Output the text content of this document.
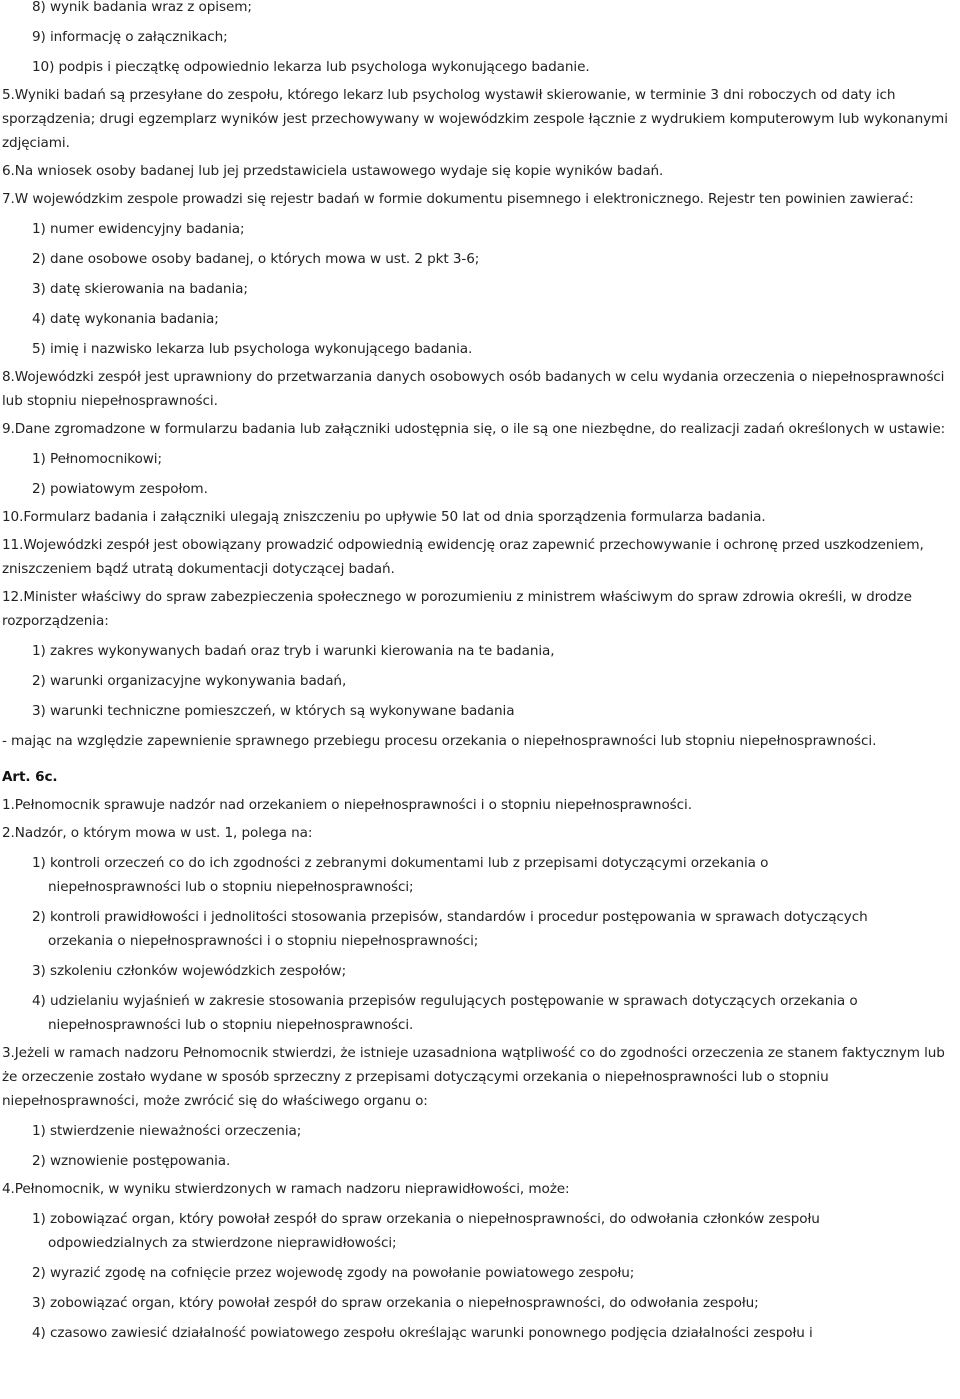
8) wynik badania wraz z opisem;
9) informację o załącznikach;
10) podpis i pieczątkę odpowiednio lekarza lub psychologa wykonującego badanie.

5.Wyniki badań są przesyłane do zespołu, którego lekarz lub psycholog wystawił skierowanie, w terminie 3 dni roboczych od daty ich sporządzenia; drugi egzemplarz wyników jest przechowywany w wojewódzkim zespole łącznie z wydrukiem komputerowym lub wykonanymi zdjęciami.

6.Na wniosek osoby badanej lub jej przedstawiciela ustawowego wydaje się kopie wyników badań.

7.W wojewódzkim zespole prowadzi się rejestr badań w formie dokumentu pisemnego i elektronicznego. Rejestr ten powinien zawierać:

1) numer ewidencyjny badania;
2) dane osobowe osoby badanej, o których mowa w ust. 2 pkt 3-6;
3) datę skierowania na badania;
4) datę wykonania badania;
5) imię i nazwisko lekarza lub psychologa wykonującego badania.

8.Wojewódzki zespół jest uprawniony do przetwarzania danych osobowych osób badanych w celu wydania orzeczenia o niepełnosprawności lub stopniu niepełnosprawności.

9.Dane zgromadzone w formularzu badania lub załączniki udostępnia się, o ile są one niezbędne, do realizacji zadań określonych w ustawie:

1) Pełnomocnikowi;
2) powiatowym zespołom.

10.Formularz badania i załączniki ulegają zniszczeniu po upływie 50 lat od dnia sporządzenia formularza badania.

11.Wojewódzki zespół jest obowiązany prowadzić odpowiednią ewidencję oraz zapewnić przechowywanie i ochronę przed uszkodzeniem, zniszczeniem bądź utratą dokumentacji dotyczącej badań.

12.Minister właściwy do spraw zabezpieczenia społecznego w porozumieniu z ministrem właściwym do spraw zdrowia określi, w drodze rozporządzenia:

1) zakres wykonywanych badań oraz tryb i warunki kierowania na te badania,
2) warunki organizacyjne wykonywania badań,
3) warunki techniczne pomieszczeń, w których są wykonywane badania

- mając na względzie zapewnienie sprawnego przebiegu procesu orzekania o niepełnosprawności lub stopniu niepełnosprawności.

Art. 6c.

1.Pełnomocnik sprawuje nadzór nad orzekaniem o niepełnosprawności i o stopniu niepełnosprawności.

2.Nadzór, o którym mowa w ust. 1, polega na:

1) kontroli orzeczeń co do ich zgodności z zebranymi dokumentami lub z przepisami dotyczącymi orzekania o
niepełnosprawności lub o stopniu niepełnosprawności;
2) kontroli prawidłowości i jednolitości stosowania przepisów, standardów i procedur postępowania w sprawach dotyczących
orzekania o niepełnosprawności i o stopniu niepełnosprawności;
3) szkoleniu członków wojewódzkich zespołów;
4) udzielaniu wyjaśnień w zakresie stosowania przepisów regulujących postępowanie w sprawach dotyczących orzekania o
niepełnosprawności lub o stopniu niepełnosprawności.

3.Jeżeli w ramach nadzoru Pełnomocnik stwierdzi, że istnieje uzasadniona wątpliwość co do zgodności orzeczenia ze stanem faktycznym lub że orzeczenie zostało wydane w sposób sprzeczny z przepisami dotyczącymi orzekania o niepełnosprawności lub o stopniu niepełnosprawności, może zwrócić się do właściwego organu o:

1) stwierdzenie nieważności orzeczenia;
2) wznowienie postępowania.

4.Pełnomocnik, w wyniku stwierdzonych w ramach nadzoru nieprawidłowości, może:

1) zobowiązać organ, który powołał zespół do spraw orzekania o niepełnosprawności, do odwołania członków zespołu
odpowiedzialnych za stwierdzone nieprawidłowości;
2) wyrazić zgodę na cofnięcie przez wojewodę zgody na powołanie powiatowego zespołu;
3) zobowiązać organ, który powołał zespół do spraw orzekania o niepełnosprawności, do odwołania zespołu;
4) czasowo zawiesić działalność powiatowego zespołu określając warunki ponownego podjęcia działalności zespołu i
